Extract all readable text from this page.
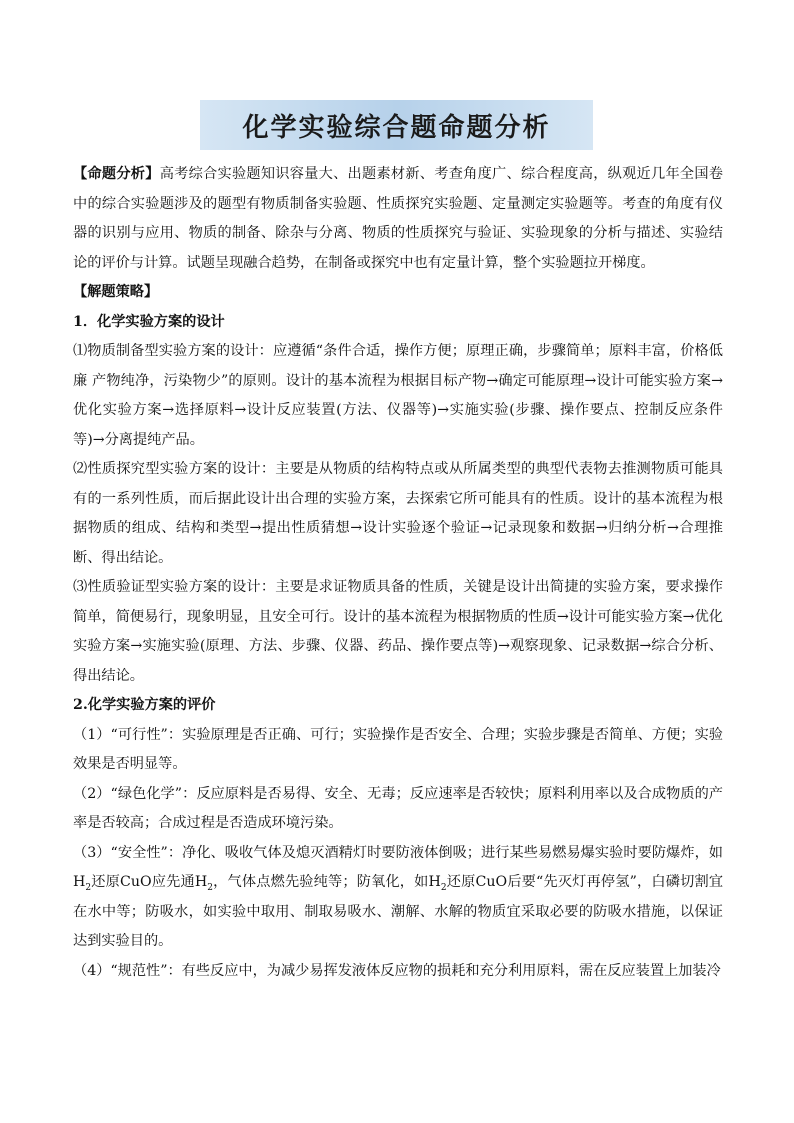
化学实验综合题命题分析

【命题分析】高考综合实验题知识容量大、出题素材新、考查角度广、综合程度高，纵观近几年全国卷中的综合实验题涉及的题型有物质制备实验题、性质探究实验题、定量测定实验题等。考查的角度有仪器的识别与应用、物质的制备、除杂与分离、物质的性质探究与验证、实验现象的分析与描述、实验结论的评价与计算。试题呈现融合趋势，在制备或探究中也有定量计算，整个实验题拉开梯度。

【解题策略】

1．化学实验方案的设计

⑴物质制备型实验方案的设计：应遵循“条件合适，操作方便；原理正确，步骤简单；原料丰富，价格低廉 产物纯净，污染物少”的原则。设计的基本流程为根据目标产物→确定可能原理→设计可能实验方案→优化实验方案→选择原料→设计反应装置(方法、仪器等)→实施实验(步骤、操作要点、控制反应条件等)→分离提纯产品。

⑵性质探究型实验方案的设计：主要是从物质的结构特点或从所属类型的典型代表物去推测物质可能具有的一系列性质，而后据此设计出合理的实验方案，去探索它所可能具有的性质。设计的基本流程为根据物质的组成、结构和类型→提出性质猜想→设计实验逐个验证→记录现象和数据→归纳分析→合理推断、得出结论。

⑶性质验证型实验方案的设计：主要是求证物质具备的性质，关键是设计出简捷的实验方案，要求操作简单，简便易行，现象明显，且安全可行。设计的基本流程为根据物质的性质→设计可能实验方案→优化实验方案→实施实验(原理、方法、步骤、仪器、药品、操作要点等)→观察现象、记录数据→综合分析、得出结论。

2.化学实验方案的评价

（1）“可行性”：实验原理是否正确、可行；实验操作是否安全、合理；实验步骤是否简单、方便；实验效果是否明显等。

（2）“绿色化学”：反应原料是否易得、安全、无毒；反应速率是否较快；原料利用率以及合成物质的产率是否较高；合成过程是否造成环境污染。

（3）“安全性”：净化、吸收气体及熄灭酒精灯时要防液体倒吸；进行某些易燃易爆实验时要防爆炸，如$H_2$还原CuO应先通$H_2$，气体点燃先验纯等；防氧化，如$H_2$还原CuO后要“先灭灯再停氢”，白磷切割宜在水中等；防吸水，如实验中取用、制取易吸水、潮解、水解的物质宜采取必要的防吸水措施，以保证达到实验目的。

（4）“规范性”：有些反应中，为减少易挥发液体反应物的损耗和充分利用原料，需在反应装置上加装冷
